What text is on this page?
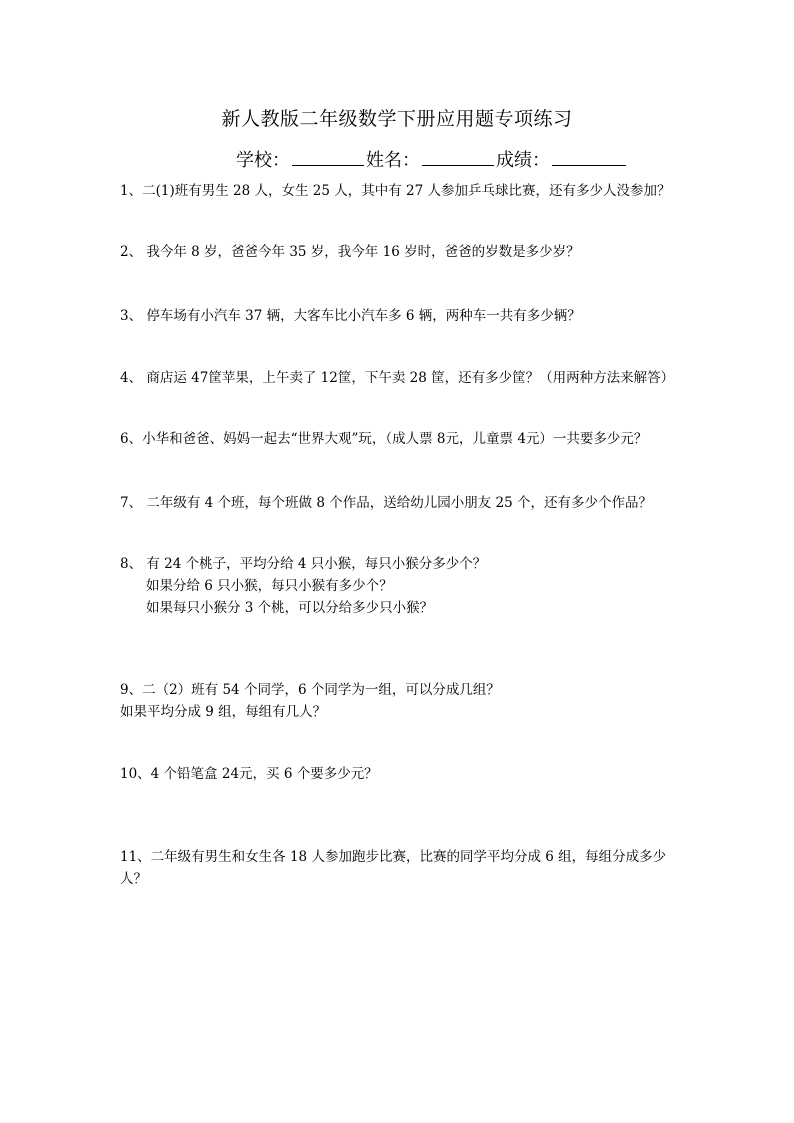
新人教版二年级数学下册应用题专项练习
学校：	姓名：	成绩：
1、二(1)班有男生 28 人，女生 25 人，其中有 27 人参加乒乓球比赛，还有多少人没参加？
2、 我今年 8 岁，爸爸今年 35 岁，我今年 16 岁时，爸爸的岁数是多少岁？
3、 停车场有小汽车 37 辆，大客车比小汽车多 6 辆，两种车一共有多少辆？
4、 商店运 47筐苹果，上午卖了 12筐，下午卖 28 筐，还有多少筐？（用两种方法来解答）
6、小华和爸爸、妈妈一起去“世界大观”玩，（成人票 8元，儿童票 4元）一共要多少元？
7、 二年级有 4 个班，每个班做 8 个作品，送给幼儿园小朋友 25 个，还有多少个作品？
8、 有 24 个桃子，平均分给 4 只小猴，每只小猴分多少个？
如果分给 6 只小猴，每只小猴有多少个？
如果每只小猴分 3 个桃，可以分给多少只小猴？
9、二（2）班有 54 个同学，6 个同学为一组，可以分成几组？
如果平均分成 9 组，每组有几人？
10、4 个铅笔盒 24元，买 6 个要多少元？
11、二年级有男生和女生各 18 人参加跑步比赛，比赛的同学平均分成 6 组，每组分成多少
人？
